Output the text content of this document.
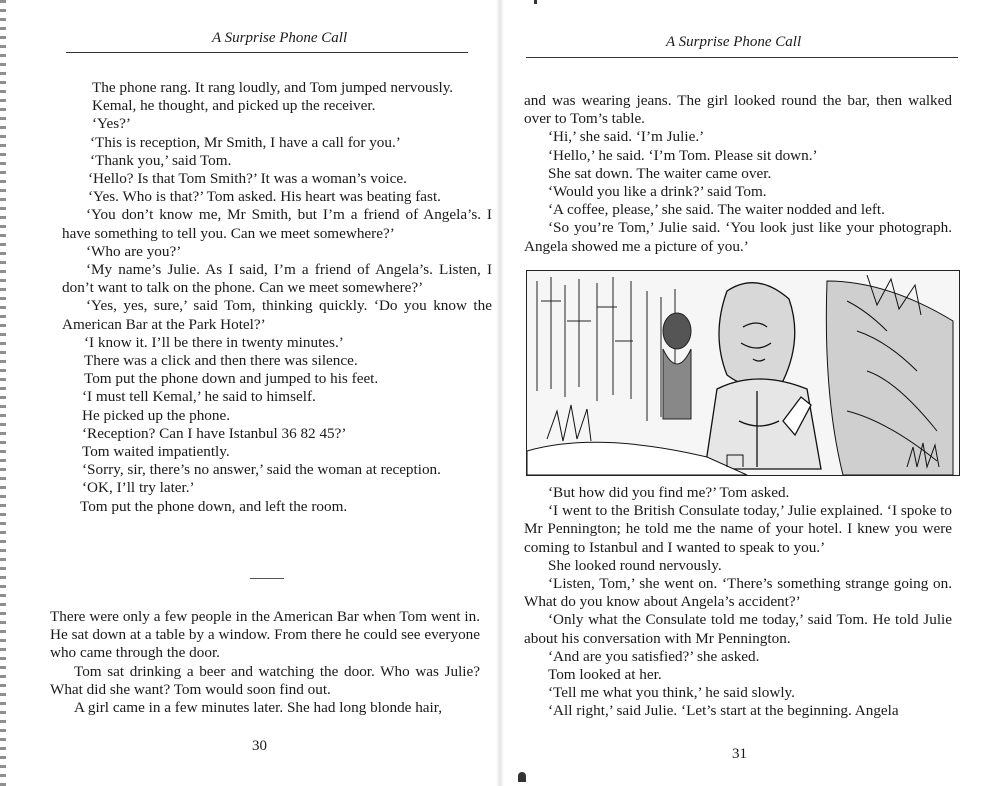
A Surprise Phone Call

The phone rang. It rang loudly, and Tom jumped nervously. Kemal, he thought, and picked up the receiver.

‘Yes?’

‘This is reception, Mr Smith, I have a call for you.’

‘Thank you,’ said Tom.

‘Hello? Is that Tom Smith?’ It was a woman’s voice.

‘Yes. Who is that?’ Tom asked. His heart was beating fast.

‘You don’t know me, Mr Smith, but I’m a friend of Angela’s. I have something to tell you. Can we meet somewhere?’

‘Who are you?’

‘My name’s Julie. As I said, I’m a friend of Angela’s. Listen, I don’t want to talk on the phone. Can we meet somewhere?’

‘Yes, yes, sure,’ said Tom, thinking quickly. ‘Do you know the American Bar at the Park Hotel?’

‘I know it. I’ll be there in twenty minutes.’

There was a click and then there was silence.

Tom put the phone down and jumped to his feet.

‘I must tell Kemal,’ he said to himself.

He picked up the phone.

‘Reception? Can I have Istanbul 36 82 45?’

Tom waited impatiently.

‘Sorry, sir, there’s no answer,’ said the woman at reception.

‘OK, I’ll try later.’

Tom put the phone down, and left the room.

There were only a few people in the American Bar when Tom went in. He sat down at a table by a window. From there he could see everyone who came through the door.

Tom sat drinking a beer and watching the door. Who was Julie? What did she want? Tom would soon find out.

A girl came in a few minutes later. She had long blonde hair,

30
A Surprise Phone Call

and was wearing jeans. The girl looked round the bar, then walked over to Tom’s table.

‘Hi,’ she said. ‘I’m Julie.’

‘Hello,’ he said. ‘I’m Tom. Please sit down.’

She sat down. The waiter came over.

‘Would you like a drink?’ said Tom.

‘A coffee, please,’ she said. The waiter nodded and left.

‘So you’re Tom,’ Julie said. ‘You look just like your photograph. Angela showed me a picture of you.’

‘But how did you find me?’ Tom asked.

‘I went to the British Consulate today,’ Julie explained. ‘I spoke to Mr Pennington; he told me the name of your hotel. I knew you were coming to Istanbul and I wanted to speak to you.’

She looked round nervously.

‘Listen, Tom,’ she went on. ‘There’s something strange going on. What do you know about Angela’s accident?’

‘Only what the Consulate told me today,’ said Tom. He told Julie about his conversation with Mr Pennington.

‘And are you satisfied?’ she asked.

Tom looked at her.

‘Tell me what you think,’ he said slowly.

‘All right,’ said Julie. ‘Let’s start at the beginning. Angela

31
